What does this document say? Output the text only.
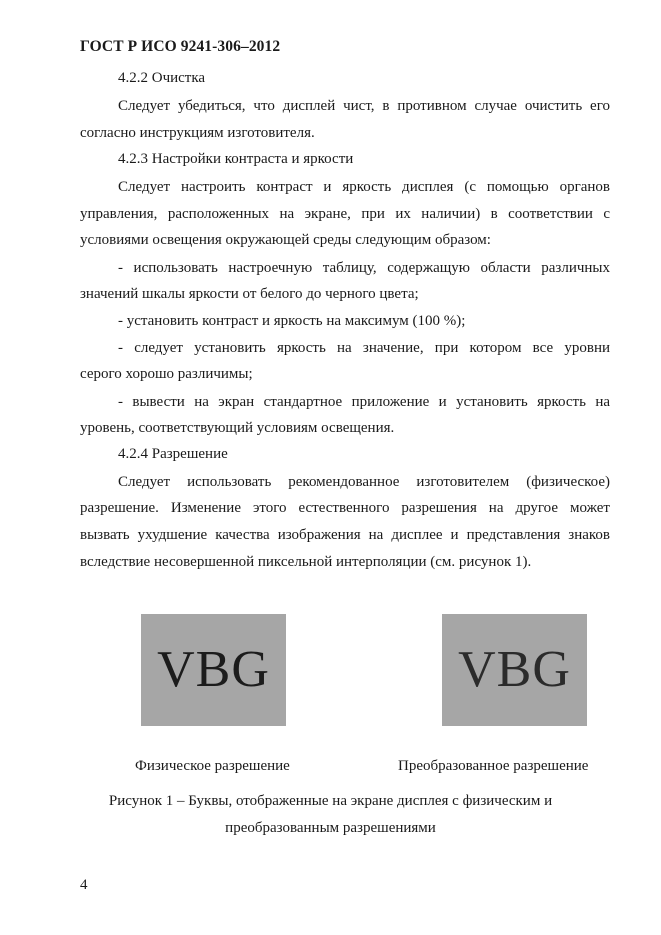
ГОСТ Р ИСО 9241-306–2012
4.2.2 Очистка
Следует убедиться, что дисплей чист, в противном случае очистить его
согласно инструкциям изготовителя.
4.2.3 Настройки контраста и яркости
Следует настроить контраст и яркость дисплея (с помощью органов
управления, расположенных на экране, при их наличии) в соответствии с
условиями освещения окружающей среды следующим образом:
- использовать настроечную таблицу, содержащую области различных
значений шкалы яркости от белого до черного цвета;
- установить контраст и яркость на максимум (100 %);
- следует установить яркость на значение, при котором все уровни
серого хорошо различимы;
- вывести на экран стандартное приложение и установить яркость на
уровень, соответствующий условиям освещения.
4.2.4 Разрешение
Следует использовать рекомендованное изготовителем (физическое)
разрешение. Изменение этого естественного разрешения на другое может
вызвать ухудшение качества изображения на дисплее и представления знаков
вследствие несовершенной пиксельной интерполяции (см. рисунок 1).
VBG	VBG
Физическое разрешение	Преобразованное разрешение
Рисунок 1 – Буквы, отображенные на экране дисплея с физическим и
преобразованным разрешениями
4
